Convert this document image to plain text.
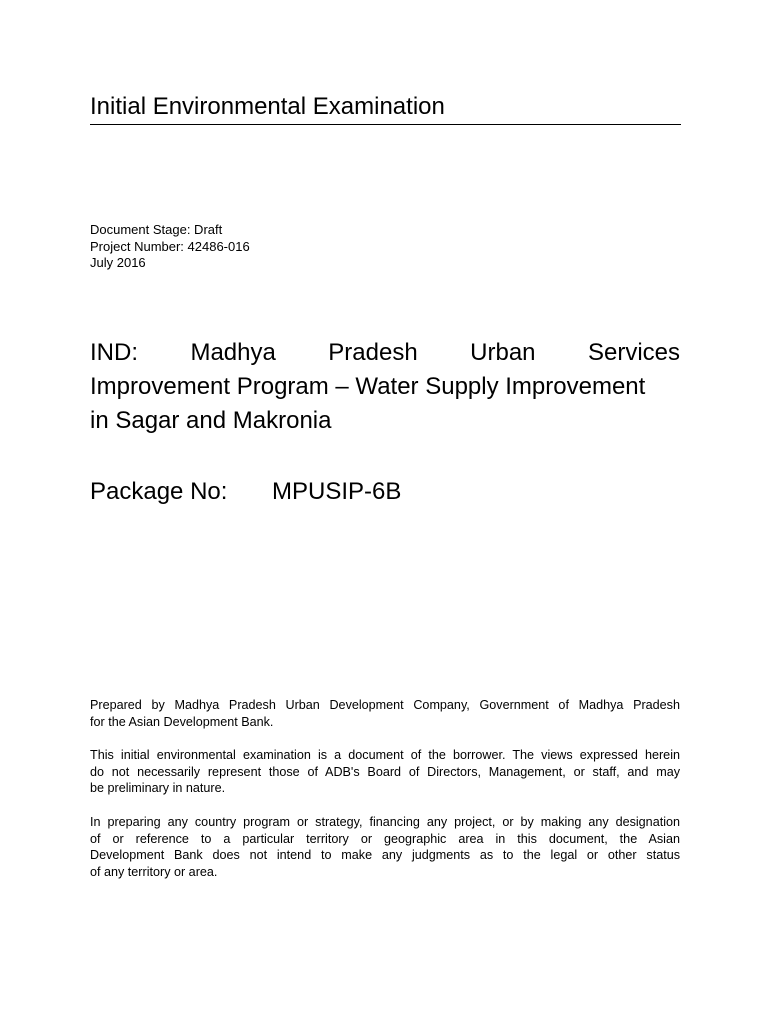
Initial Environmental Examination
Document Stage: Draft
Project Number: 42486-016
July 2016
IND: Madhya Pradesh Urban Services
Improvement Program – Water Supply Improvement
in Sagar and Makronia
Package No: MPUSIP-6B
Prepared by Madhya Pradesh Urban Development Company, Government of Madhya Pradesh
for the Asian Development Bank.
This initial environmental examination is a document of the borrower. The views expressed herein
do not necessarily represent those of ADB's Board of Directors, Management, or staff, and may
be preliminary in nature.
In preparing any country program or strategy, financing any project, or by making any designation
of or reference to a particular territory or geographic area in this document, the Asian
Development Bank does not intend to make any judgments as to the legal or other status
of any territory or area.
